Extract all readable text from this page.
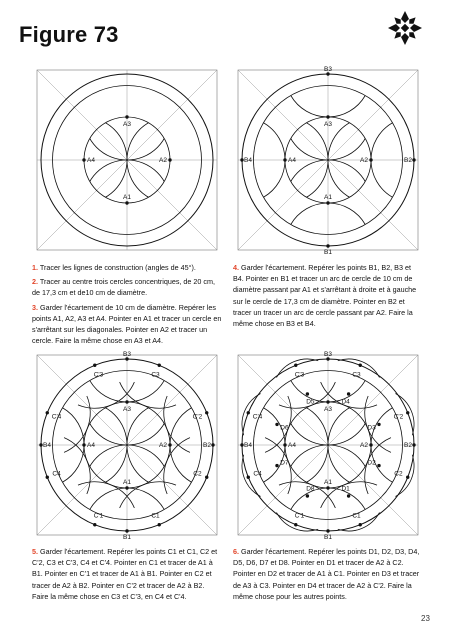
Figure 73
A1
A2
A3
A4
A1
A2
A3
A4
B1
B2
B3
B4
C1
C'1
C2
C'2
C3
C'3
C4
C'4
A1
A2
A3
A4
B1
B2
B3
B4
C1
C'1
C2
C'2
C3
C'3
C4
C'4
D1
D2
D3
D4
D5
D6
D7
D8
A1
A2
A3
A4
B1
B2
B3
B4

1. Tracer les lignes de construction (angles de 45°).

2. Tracer au centre trois cercles concentriques, de 20 cm, de 17,3 cm et de10 cm de diamètre.

3. Garder l'écartement de 10 cm de diamètre. Repérer les points A1, A2, A3 et A4. Pointer en A1 et tracer un cercle en s'arrêtant sur les diagonales. Pointer en A2 et tracer un cercle. Faire la même chose en A3 et A4.

4. Garder l'écartement. Repérer les points B1, B2, B3 et B4. Pointer en B1 et tracer un arc de cercle de 10 cm de diamètre passant par A1 et s'arrêtant à droite et à gauche sur le cercle de 17,3 cm de diamètre. Pointer en B2 et tracer un tracer un arc de cercle passant par A2. Faire la même chose en B3 et B4.

5. Garder l'écartement. Repérer les points C1 et C1, C2 et C'2, C3 et C'3, C4 et C'4. Pointer en C1 et tracer de A1 à B1. Pointer en C'1 et tracer de A1 à B1. Pointer en C2 et tracer de A2 à B2. Pointer en C'2 et tracer de A2 à B2. Faire la même chose en C3 et C'3, en C4 et C'4.

6. Garder l'écartement. Repérer les points D1, D2, D3, D4, D5, D6, D7 et D8. Pointer en D1 et tracer de A2 à C2. Pointer en D2 et tracer de A1 à C1. Pointer en D3 et tracer de A3 à C3. Pointer en D4 et tracer de A2 à C'2. Faire la même chose pour les autres points.

23
